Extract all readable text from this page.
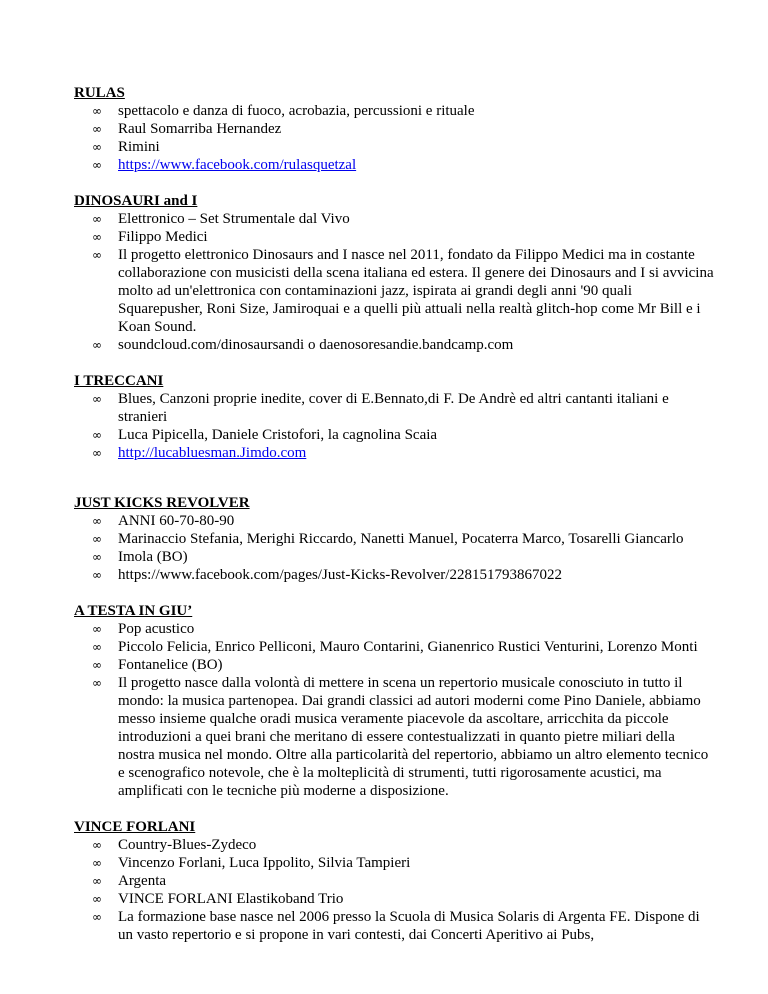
RULAS
∞ spettacolo e danza di fuoco, acrobazia, percussioni e rituale
∞ Raul Somarriba Hernandez
∞ Rimini
∞ https://www.facebook.com/rulasquetzal
DINOSAURI and I
∞ Elettronico – Set Strumentale dal Vivo
∞ Filippo Medici
∞ Il progetto elettronico Dinosaurs and I nasce nel 2011, fondato da Filippo Medici ma in costante collaborazione con musicisti della scena italiana ed estera. Il genere dei Dinosaurs and I si avvicina molto ad un'elettronica con contaminazioni jazz, ispirata ai grandi degli anni '90 quali Squarepusher, Roni Size, Jamiroquai e a quelli più attuali nella realtà glitch-hop come Mr Bill e i Koan Sound.
∞ soundcloud.com/dinosaursandi o daenosoresandie.bandcamp.com
I TRECCANI
∞ Blues, Canzoni proprie inedite, cover di E.Bennato,di F. De Andrè ed altri cantanti italiani e stranieri
∞ Luca Pipicella, Daniele Cristofori, la cagnolina Scaia
∞ http://lucabluesman.Jimdo.com
JUST KICKS REVOLVER
∞ ANNI 60-70-80-90
∞ Marinaccio Stefania, Merighi Riccardo, Nanetti Manuel, Pocaterra Marco, Tosarelli Giancarlo
∞ Imola (BO)
∞ https://www.facebook.com/pages/Just-Kicks-Revolver/228151793867022
A TESTA IN GIU’
∞ Pop acustico
∞ Piccolo Felicia, Enrico Pelliconi, Mauro Contarini, Gianenrico Rustici Venturini, Lorenzo Monti
∞ Fontanelice (BO)
∞ Il progetto nasce dalla volontà di mettere in scena un repertorio musicale conosciuto in tutto il mondo: la musica partenopea. Dai grandi classici ad autori moderni come Pino Daniele, abbiamo messo insieme qualche oradi musica veramente piacevole da ascoltare, arricchita da piccole introduzioni a quei brani che meritano di essere contestualizzati in quanto pietre miliari della nostra musica nel mondo. Oltre alla particolarità del repertorio, abbiamo un altro elemento tecnico e scenografico notevole, che è la molteplicità di strumenti, tutti rigorosamente acustici, ma amplificati con le tecniche più moderne a disposizione.
VINCE FORLANI
∞ Country-Blues-Zydeco
∞ Vincenzo Forlani, Luca Ippolito, Silvia Tampieri
∞ Argenta
∞ VINCE FORLANI Elastikoband Trio
∞ La formazione base nasce nel 2006 presso la Scuola di Musica Solaris di Argenta FE. Dispone di un vasto repertorio e si propone in vari contesti, dai Concerti Aperitivo ai Pubs,
